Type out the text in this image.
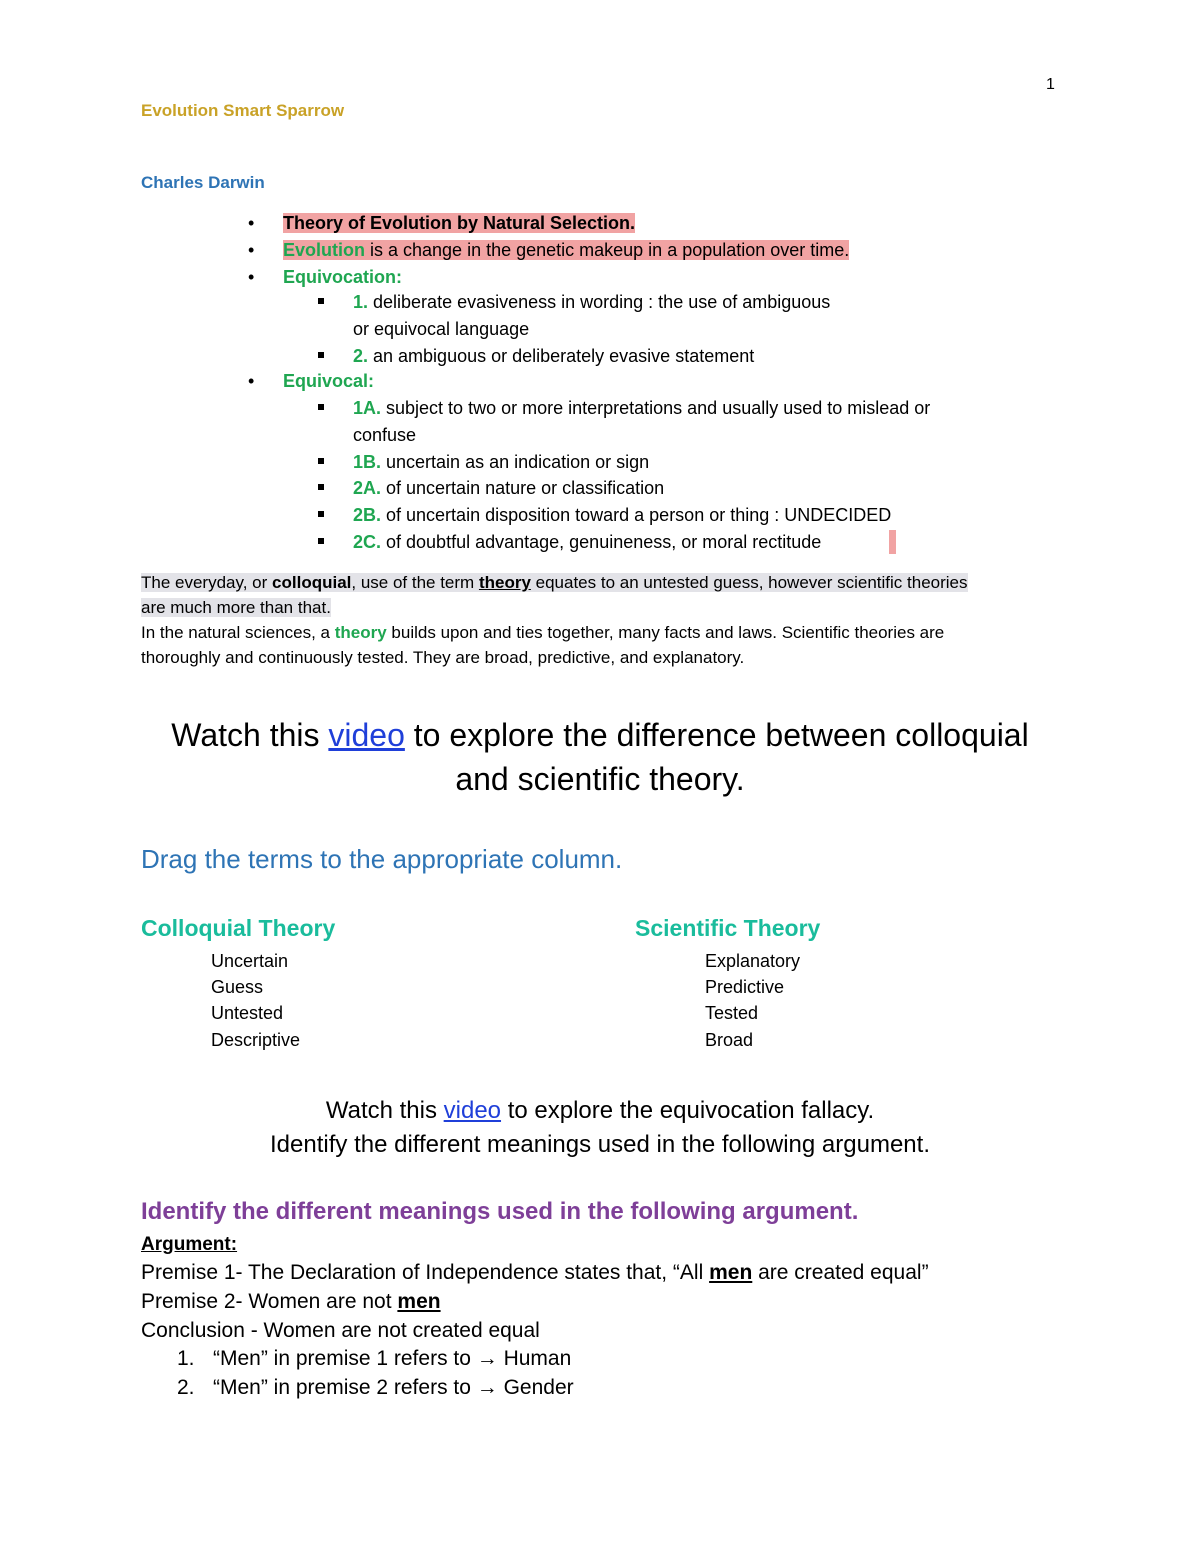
1
Evolution Smart Sparrow
Charles Darwin
• Theory of Evolution by Natural Selection.
• Evolution is a change in the genetic makeup in a population over time.
• Equivocation:
1. deliberate evasiveness in wording : the use of ambiguous
or equivocal language
2. an ambiguous or deliberately evasive statement
• Equivocal:
1A. subject to two or more interpretations and usually used to mislead or
confuse
1B. uncertain as an indication or sign
2A. of uncertain nature or classification
2B. of uncertain disposition toward a person or thing : UNDECIDED
2C. of doubtful advantage, genuineness, or moral rectitude
The everyday, or colloquial, use of the term theory equates to an untested guess, however scientific theories
are much more than that.
In the natural sciences, a theory builds upon and ties together, many facts and laws. Scientific theories are
thoroughly and continuously tested. They are broad, predictive, and explanatory.
Watch this video to explore the difference between colloquial
and scientific theory.
Drag the terms to the appropriate column.
Colloquial Theory	Scientific Theory
Uncertain
Guess
Untested
Descriptive
Explanatory
Predictive
Tested
Broad
Watch this video to explore the equivocation fallacy.
Identify the different meanings used in the following argument.
Identify the different meanings used in the following argument.
Argument:
Premise 1- The Declaration of Independence states that, “All men are created equal”
Premise 2- Women are not men
Conclusion - Women are not created equal
1. “Men” in premise 1 refers to → Human
2. “Men” in premise 2 refers to → Gender
